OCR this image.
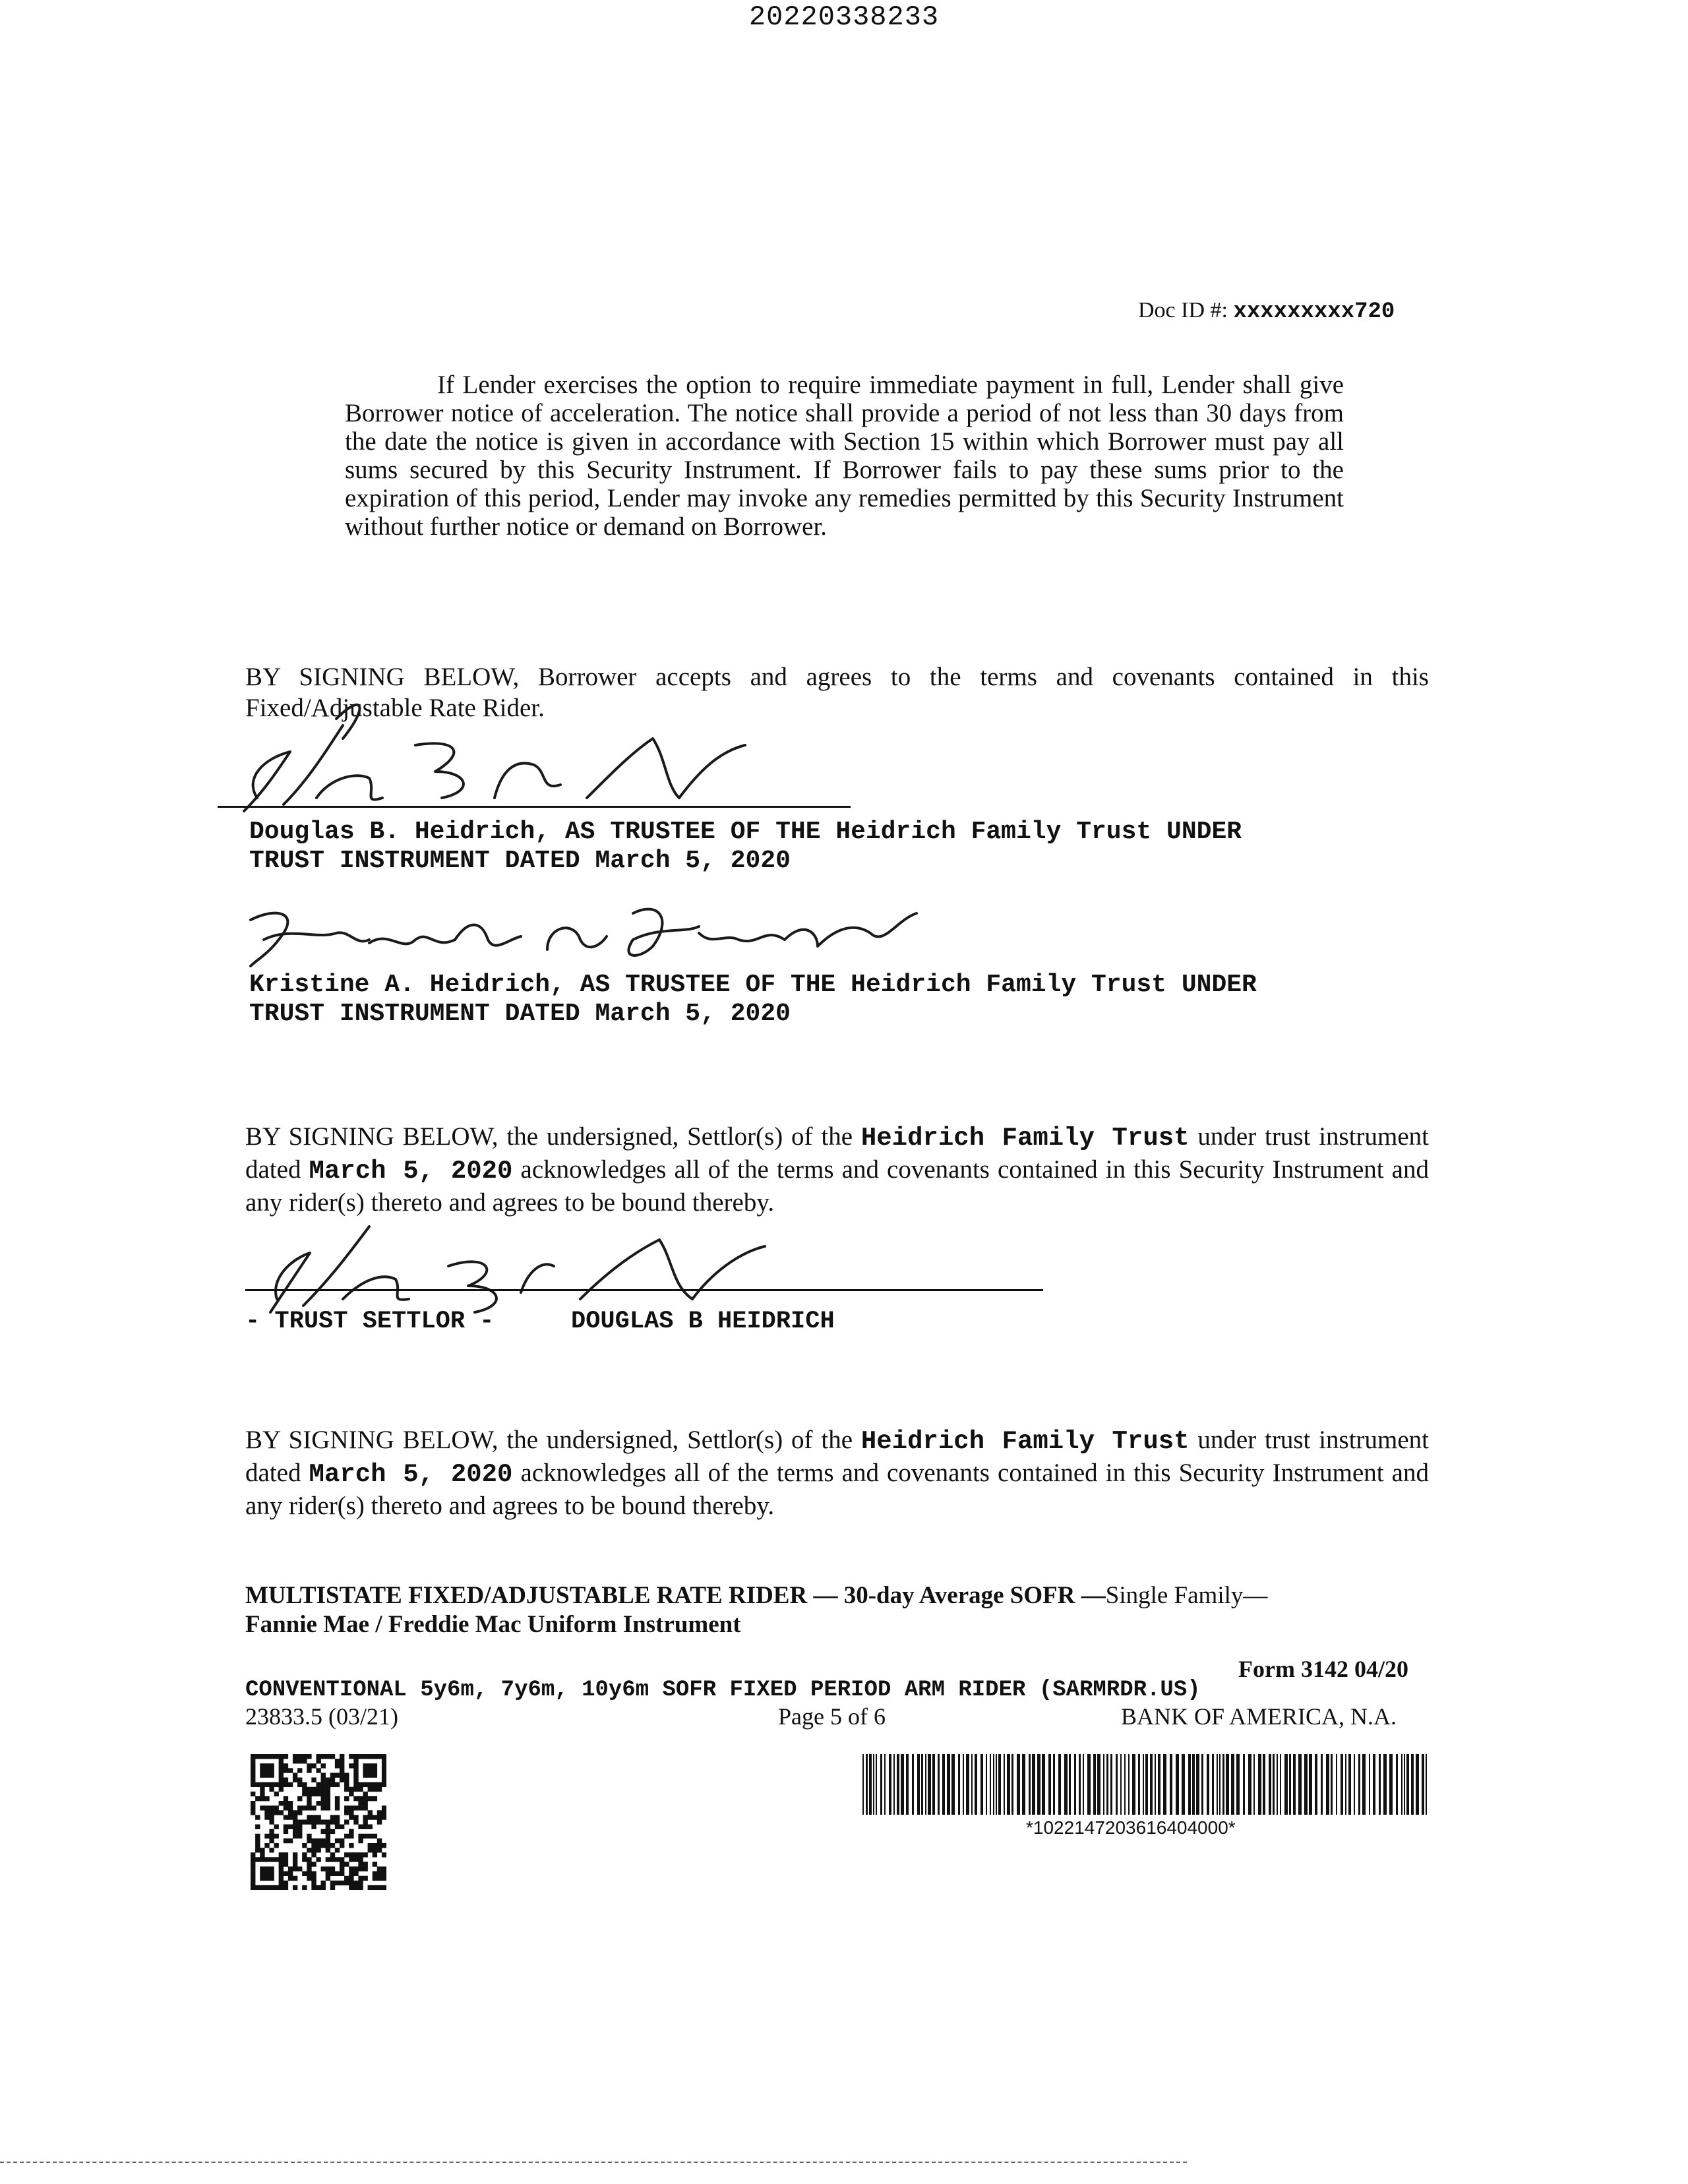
20220338233
Doc ID #: xxxxxxxxx720
If Lender exercises the option to require immediate payment in full, Lender shall give Borrower notice of acceleration. The notice shall provide a period of not less than 30 days from the date the notice is given in accordance with Section 15 within which Borrower must pay all sums secured by this Security Instrument. If Borrower fails to pay these sums prior to the expiration of this period, Lender may invoke any remedies permitted by this Security Instrument without further notice or demand on Borrower.
BY SIGNING BELOW, Borrower accepts and agrees to the terms and covenants contained in this Fixed/Adjustable Rate Rider.
Douglas B. Heidrich, AS TRUSTEE OF THE Heidrich Family Trust UNDER
TRUST INSTRUMENT DATED March 5, 2020
Kristine A. Heidrich, AS TRUSTEE OF THE Heidrich Family Trust UNDER
TRUST INSTRUMENT DATED March 5, 2020
BY SIGNING BELOW, the undersigned, Settlor(s) of the Heidrich Family Trust under trust instrument dated March 5, 2020 acknowledges all of the terms and covenants contained in this Security Instrument and any rider(s) thereto and agrees to be bound thereby.
- TRUST SETTLOR -	DOUGLAS B HEIDRICH
BY SIGNING BELOW, the undersigned, Settlor(s) of the Heidrich Family Trust under trust instrument dated March 5, 2020 acknowledges all of the terms and covenants contained in this Security Instrument and any rider(s) thereto and agrees to be bound thereby.
MULTISTATE FIXED/ADJUSTABLE RATE RIDER — 30-day Average SOFR —Single Family—
Fannie Mae / Freddie Mac Uniform Instrument
Form 3142 04/20
CONVENTIONAL 5y6m, 7y6m, 10y6m SOFR FIXED PERIOD ARM RIDER (SARMRDR.US)
23833.5 (03/21)	Page 5 of 6	BANK OF AMERICA, N.A.
*1022147203616404000*
